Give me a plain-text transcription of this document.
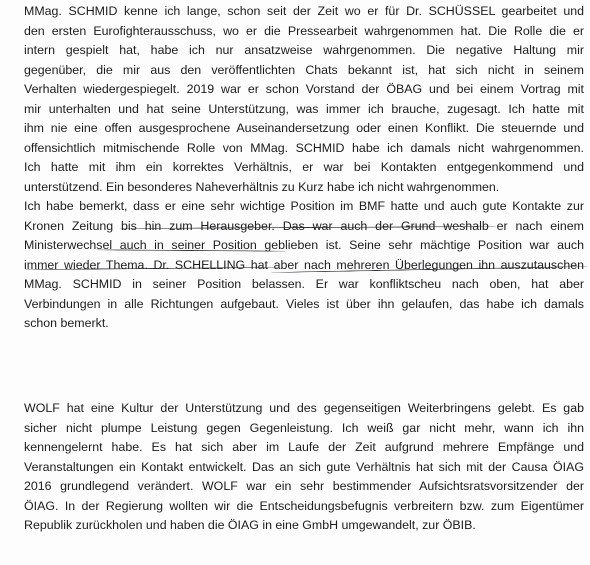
MMag. SCHMID kenne ich lange, schon seit der Zeit wo er für Dr. SCHÜSSEL gearbeitet und
den ersten Eurofighterausschuss, wo er die Pressearbeit wahrgenommen hat. Die Rolle die er
intern gespielt hat, habe ich nur ansatzweise wahrgenommen. Die negative Haltung mir
gegenüber, die mir aus den veröffentlichten Chats bekannt ist, hat sich nicht in seinem
Verhalten wiedergespiegelt. 2019 war er schon Vorstand der ÖBAG und bei einem Vortrag mit
mir unterhalten und hat seine Unterstützung, was immer ich brauche, zugesagt. Ich hatte mit
ihm nie eine offen ausgesprochene Auseinandersetzung oder einen Konflikt. Die steuernde und
offensichtlich mitmischende Rolle von MMag. SCHMID habe ich damals nicht wahrgenommen.
Ich hatte mit ihm ein korrektes Verhältnis, er war bei Kontakten entgegenkommend und
unterstützend. Ein besonderes Naheverhältnis zu Kurz habe ich nicht wahrgenommen.
Ich habe bemerkt, dass er eine sehr wichtige Position im BMF hatte und auch gute Kontakte zur
Kronen Zeitung bis hin zum Herausgeber. Das war auch der Grund weshalb er nach einem
Ministerwechsel auch in seiner Position geblieben ist. Seine sehr mächtige Position war auch
immer wieder Thema. Dr. SCHELLING hat aber nach mehreren Überlegungen ihn auszutauschen
MMag. SCHMID in seiner Position belassen. Er war konfliktscheu nach oben, hat aber
Verbindungen in alle Richtungen aufgebaut. Vieles ist über ihn gelaufen, das habe ich damals
schon bemerkt.

WOLF hat eine Kultur der Unterstützung und des gegenseitigen Weiterbringens gelebt. Es gab
sicher nicht plumpe Leistung gegen Gegenleistung. Ich weiß gar nicht mehr, wann ich ihn
kennengelernt habe. Es hat sich aber im Laufe der Zeit aufgrund mehrere Empfänge und
Veranstaltungen ein Kontakt entwickelt. Das an sich gute Verhältnis hat sich mit der Causa ÖIAG
2016 grundlegend verändert. WOLF war ein sehr bestimmender Aufsichtsratsvorsitzender der
ÖIAG. In der Regierung wollten wir die Entscheidungsbefugnis verbreitern bzw. zum Eigentümer
Republik zurückholen und haben die ÖIAG in eine GmbH umgewandelt, zur ÖBIB.
